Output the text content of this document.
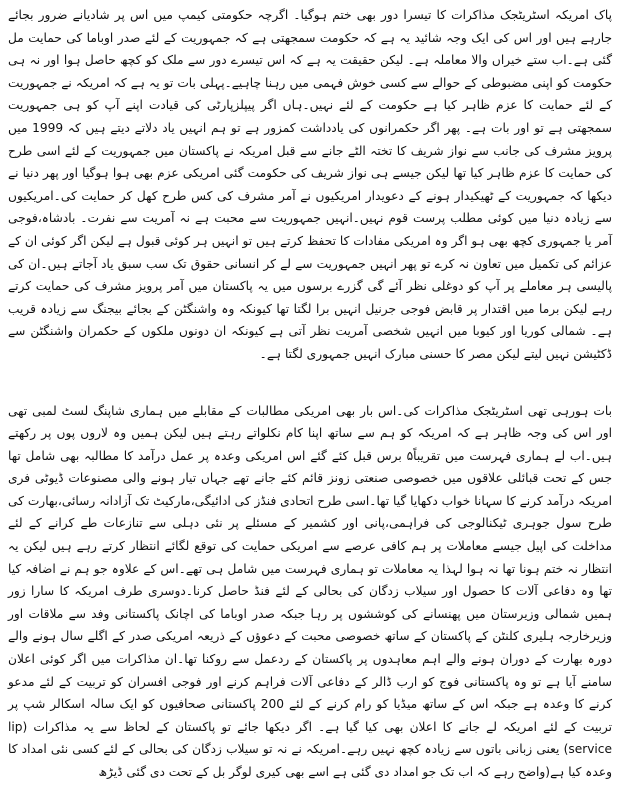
پاک امریکہ اسٹریٹجک مذاکرات کا تیسرا دور بھی ختم ہوگیا۔ اگرچہ حکومتی کیمپ میں اس پر شادیانے ضرور بجائے جارہے ہیں اور اس کی ایک وجہ شائید یہ ہے کہ حکومت سمجھتی ہے کہ جمہوریت کے لئے صدر اوباما کی حمایت مل گئی ہے۔اب ستے خیراں والا معاملہ ہے۔ لیکن حقیقت یہ ہے کہ اس تیسرے دور سے ملک کو کچھ حاصل ہوا اور نہ ہی حکومت کو اپنی مضبوطی کے حوالے سے کسی خوش فہمی میں رہنا چاہیے۔پہلی بات تو یہ ہے کہ امریکہ نے جمہوریت کے لئے حمایت کا عزم ظاہر کیا ہے حکومت کے لئے نہیں۔ہاں اگر پیپلزپارٹی کی قیادت اپنے آپ کو ہی جمہوریت سمجھتی ہے تو اور بات ہے۔ پھر اگر حکمرانوں کی یادداشت کمزور ہے تو ہم انہیں یاد دلاتے دیتے ہیں کہ 1999 میں پرویز مشرف کی جانب سے نواز شریف کا تختہ الٹے جانے سے قبل امریکہ نے پاکستان میں جمہوریت کے لئے اسی طرح کی حمایت کا عزم ظاہر کیا تھا لیکن جیسے ہی نواز شریف کی حکومت گئی امریکی عزم بھی ہوا ہوگیا اور پھر دنیا نے دیکھا کہ جمہوریت کے ٹھیکیدار ہونے کے دعویدار امریکیوں نے آمر مشرف کی کس طرح کھل کر حمایت کی۔امریکیوں سے زیادہ دنیا میں کوئی مطلب پرست قوم نہیں۔انہیں جمہوریت سے محبت ہے نہ آمریت سے نفرت۔ بادشاہ،فوجی آمر یا جمہوری کچھ بھی ہو اگر وہ امریکی مفادات کا تحفظ کرتے ہیں تو انہیں ہر کوئی قبول ہے لیکن اگر کوئی ان کے عزائم کی تکمیل میں تعاون نہ کرے تو پھر انہیں جمہوریت سے لے کر انسانی حقوق تک سب سبق یاد آجاتے ہیں۔ان کی پالیسی ہر معاملے پر آپ کو دوغلی نظر آئے گی گزرے برسوں میں یہ پاکستان میں آمر پرویز مشرف کی حمایت کرتے رہے لیکن برما میں اقتدار پر قابض فوجی جرنیل انہیں برا لگتا تھا کیونکہ وہ واشنگٹن کے بجائے بیجنگ سے زیادہ قریب ہے۔ شمالی کوریا اور کیوبا میں انہیں شخصی آمریت نظر آتی ہے کیونکہ ان دونوں ملکوں کے حکمران واشنگٹن سے ڈکٹیشن نہیں لیتے لیکن مصر کا حسنی مبارک انہیں جمہوری لگتا ہے۔

بات ہورہی تھی اسٹریٹجک مذاکرات کی۔اس بار بھی امریکی مطالبات کے مقابلے میں ہماری شاپنگ لسٹ لمبی تھی اور اس کی وجہ ظاہر ہے کہ امریکہ کو ہم سے ساتھ اپنا کام نکلواتے رہتے ہیں لیکن ہمیں وہ لاروں پوں پر رکھتے ہیں۔اب لے ہماری فہرست میں تقریباً۵ برس قبل کئے گئے اس امریکی وعدہ پر عمل درآمد کا مطالبہ بھی شامل تھا جس کے تحت قبائلی علاقوں میں خصوصی صنعتی زونز قائم کئے جانے تھے جہاں تیار ہونے والی مصنوعات ڈیوٹی فری امریکہ درآمد کرنے کا سہانا خواب دکھایا گیا تھا۔اسی طرح اتحادی فنڈز کی ادائیگی،مارکیٹ تک آزادانہ رسائی،بھارت کی طرح سول جوہری ٹیکنالوجی کی فراہمی،پانی اور کشمیر کے مسئلے پر نئی دہلی سے تنازعات طے کرانے کے لئے مداخلت کی اپیل جیسے معاملات پر ہم کافی عرصے سے امریکی حمایت کی توقع لگائے انتظار کرتے رہے ہیں لیکن یہ انتظار نہ ختم ہونا تھا نہ ہوا لہذا یہ معاملات تو ہماری فہرست میں شامل ہی تھے۔اس کے علاوہ جو ہم نے اضافہ کیا تھا وہ دفاعی آلات کا حصول اور سیلاب زدگان کی بحالی کے لئے فنڈ حاصل کرنا۔دوسری طرف امریکہ کا سارا زور ہمیں شمالی وزیرستان میں پھنسانے کی کوششوں پر رہا جبکہ صدر اوباما کی اچانک پاکستانی وفد سے ملاقات اور وزیرخارجہ ہلیری کلنٹن کے پاکستان کے ساتھ خصوصی محبت کے دعوؤں کے ذریعہ امریکی صدر کے اگلے سال ہونے والے دورہ بھارت کے دوران ہونے والے اہم معاہدوں پر پاکستان کے ردعمل سے روکنا تھا۔ان مذاکرات میں اگر کوئی اعلان سامنے آیا ہے تو وہ پاکستانی فوج کو ارب ڈالر کے دفاعی آلات فراہم کرنے اور فوجی افسران کو تربیت کے لئے مدعو کرنے کا وعدہ ہے جبکہ اس کے ساتھ میڈیا کو رام کرنے کے لئے 200 پاکستانی صحافیوں کو ایک سالہ اسکالر شپ پر تربیت کے لئے امریکہ لے جانے کا اعلان بھی کیا گیا ہے۔ اگر دیکھا جائے تو پاکستان کے لحاظ سے یہ مذاکرات (lip service) یعنی زبانی باتوں سے زیادہ کچھ نہیں رہے۔امریکہ نے نہ تو سیلاب زدگان کی بحالی کے لئے کسی نئی امداد کا وعدہ کیا ہے(واضح رہے کہ اب تک جو امداد دی گئی ہے اسے بھی کیری لوگر بل کے تحت دی گئی ڈیڑھ
